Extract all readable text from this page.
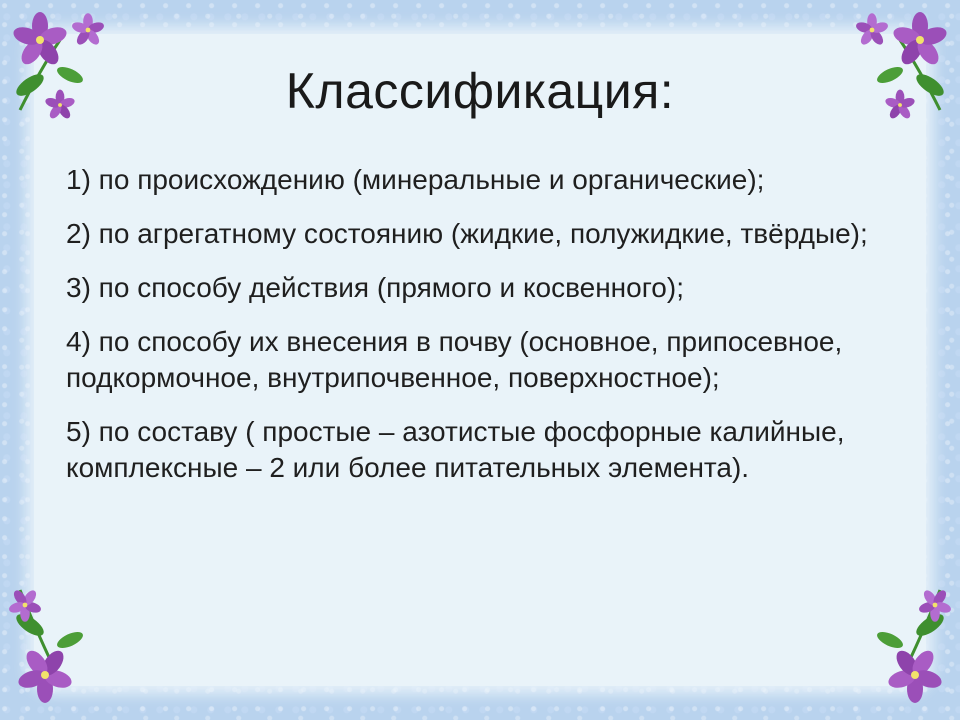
Классификация:

1) по происхождению (минеральные и органические);

2) по агрегатному состоянию (жидкие, полужидкие, твёрдые);

3) по способу действия (прямого и косвенного);

4) по способу их внесения в почву (основное, припосевное, подкормочное, внутрипочвенное, поверхностное);

5) по составу ( простые – азотистые фосфорные калийные, комплексные – 2 или более питательных элемента).
